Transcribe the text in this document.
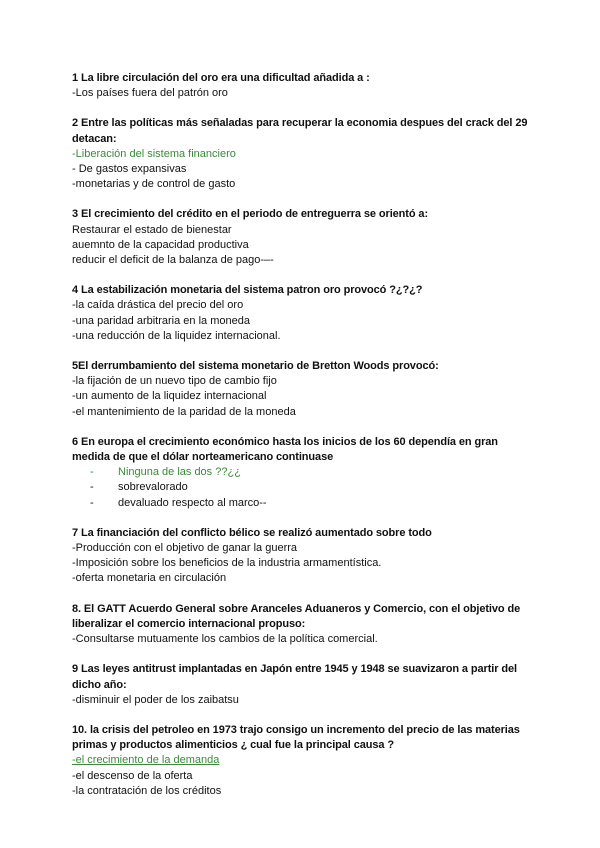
1 La libre circulación del oro era una dificultad añadida a :
-Los países fuera del patrón oro
2 Entre las políticas más señaladas para recuperar la economia despues del crack del 29 detacan:
-Liberación del sistema financiero
- De gastos expansivas
-monetarias y de control de gasto
3 El crecimiento del crédito en el periodo de entreguerra se orientó a:
Restaurar el estado de bienestar
auemnto de la capacidad productiva
reducir el deficit de la balanza de pago-–-
4 La estabilización monetaria del sistema patron oro provocó ?¿?¿?
-la caída drástica del precio del oro
-una paridad arbitraria en la moneda
-una reducción de la liquidez internacional.
5El derrumbamiento del sistema monetario de Bretton Woods provocó:
-la fijación de un nuevo tipo de cambio fijo
-un aumento de la liquidez internacional
-el mantenimiento de la paridad de la moneda
6 En europa el crecimiento económico hasta los inicios de los 60 dependía en gran medida de que el dólar norteamericano continuase
- Ninguna de las dos ??¿¿
- sobrevalorado
- devaluado respecto al marco--
7 La financiación del conflicto bélico se realizó aumentado sobre todo
-Producción con el objetivo de ganar la guerra
-Imposición sobre los beneficios de la industria armamentística.
-oferta monetaria en circulación
8. El GATT Acuerdo General sobre Aranceles Aduaneros y Comercio, con el objetivo de liberalizar el comercio internacional propuso:
-Consultarse mutuamente los cambios de la política comercial.
9 Las leyes antitrust implantadas en Japón entre 1945 y 1948 se suavizaron a partir del dicho año:
-disminuir el poder de los zaibatsu
10. la crisis del petroleo en 1973 trajo consigo un incremento del precio de las materias primas y productos alimenticios ¿ cual fue la principal causa ?
-el crecimiento de la demanda
-el descenso de la oferta
-la contratación de los créditos
